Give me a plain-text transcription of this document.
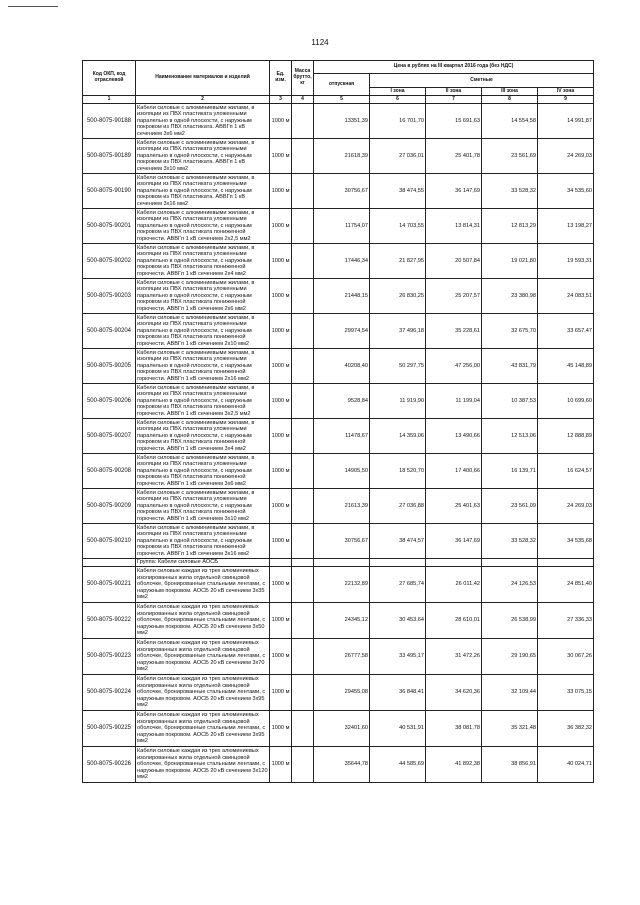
1124
Код ОКП, код отраслевой	Наименование материалов и изделий	Ед. изм.	Масса брутто, кг	Цена в рублях на III квартал 2016 года (без НДС)				
				отпускная	Сметные			
					I зона	II зона	III зона	IV зона
1	2	3	4	5	6	7	8	9
500-8075-90188	Кабели силовые с алюминиевыми жилами, в изоляции из ПВХ пластиката уложенными паралельно в одной плоскости, с наружным покровом из ПВХ пластиката. АВВГп 1 кВ сечением 3х6 мм2	1000 м		13351,39	16 701,70	15 691,63	14 554,58	14 991,87
500-8075-90189	Кабели силовые с алюминиевыми жилами, в изоляции из ПВХ пластиката уложенными паралельно в одной плоскости, с наружным покровом из ПВХ пластиката. АВВГп 1 кВ сечением 3х10 мм2	1000 м		21618,39	27 036,01	25 401,78	23 561,69	24 269,03
500-8075-90190	Кабели силовые с алюминиевыми жилами, в изоляции из ПВХ пластиката уложенными паралельно в одной плоскости, с наружным покровом из ПВХ пластиката. АВВГп 1 кВ сечением 3х16 мм2	1000 м		30756,67	38 474,55	36 147,69	33 528,32	34 535,60
500-8075-90201	Кабели силовые с алюминиевыми жилами, в изоляции из ПВХ пластиката уложенными паралельно в одной плоскости, с наружным покровом из ПВХ пластиката пониженной горючести. АВВГп 1 кВ сечением 2х2,5 мм2	1000 м		11754,07	14 703,55	13 814,31	12 813,29	13 198,27
500-8075-90202	Кабели силовые с алюминиевыми жилами, в изоляции из ПВХ пластиката уложенными паралельно в одной плоскости, с наружным покровом из ПВХ пластиката пониженной горючести. АВВГп 1 кВ сечением 2х4 мм2	1000 м		17446,34	21 827,95	20 507,84	19 021,80	19 593,31
500-8075-90203	Кабели силовые с алюминиевыми жилами, в изоляции из ПВХ пластиката уложенными паралельно в одной плоскости, с наружным покровом из ПВХ пластиката пониженной горючести. АВВГп 1 кВ сечением 2х6 мм2	1000 м		21448,15	26 830,25	25 207,57	23 380,98	24 083,51
500-8075-90204	Кабели силовые с алюминиевыми жилами, в изоляции из ПВХ пластиката уложенными паралельно в одной плоскости, с наружным покровом из ПВХ пластиката пониженной горючести. АВВГп 1 кВ сечением 2х10 мм2	1000 м		29974,54	37 496,18	35 228,61	32 675,70	33 657,47
500-8075-90205	Кабели силовые с алюминиевыми жилами, в изоляции из ПВХ пластиката уложенными паралельно в одной плоскости, с наружным покровом из ПВХ пластиката пониженной горючести. АВВГп 1 кВ сечением 2х16 мм2	1000 м		40208,40	50 297,75	47 256,00	43 831,79	45 148,89
500-8075-90206	Кабели силовые с алюминиевыми жилами, в изоляции из ПВХ пластиката уложенными паралельно в одной плоскости, с наружным покровом из ПВХ пластиката пониженной горючести. АВВГп 1 кВ сечением 3х2,5 мм2	1000 м		9528,84	11 919,90	11 199,04	10 387,53	10 699,60
500-8075-90207	Кабели силовые с алюминиевыми жилами, в изоляции из ПВХ пластиката уложенными паралельно в одной плоскости, с наружным покровом из ПВХ пластиката пониженной горючести. АВВГп 1 кВ сечением 3х4 мм2	1000 м		11478,67	14 359,06	13 490,66	12 513,06	12 888,89
500-8075-90208	Кабели силовые с алюминиевыми жилами, в изоляции из ПВХ пластиката уложенными паралельно в одной плоскости, с наружным покровом из ПВХ пластиката пониженной горючести. АВВГп 1 кВ сечением 3х6 мм2	1000 м		14905,50	18 520,70	17 400,66	16 139,71	16 624,57
500-8075-90209	Кабели силовые с алюминиевыми жилами, в изоляции из ПВХ пластиката уложенными паралельно в одной плоскости, с наружным покровом из ПВХ пластиката пониженной горючести. АВВГп 1 кВ сечением 3х10 мм2	1000 м		21613,39	27 036,88	25 401,63	23 561,09	24 269,03
500-8075-90210	Кабели силовые с алюминиевыми жилами, в изоляции из ПВХ пластиката уложенными паралельно в одной плоскости, с наружным покровом из ПВХ пластиката пониженной горючести. АВВГп 1 кВ сечением 3х16 мм2	1000 м		30756,67	38 474,57	36 147,69	33 528,32	34 535,68
	Группа: Кабели силовые АОСБ							
500-8075-90221	Кабели силовые каждая из трех алюминиевых изолированных жила отдельной свинцовой оболочке, бронированные стальными лентами, с наружным покровом. АОСБ 20 кВ сечением 3х35 мм2	1000 м		22132,89	27 685,74	26 011,42	24 126,53	24 851,40
500-8075-90222	Кабели силовые каждая из трех алюминиевых изолированных жила отдельной свинцовой оболочке, бронированные стальными лентами, с наружным покровом. АОСБ 20 кВ сечением 3х50 мм2	1000 м		24345,12	30 453,64	28 610,01	26 538,99	27 336,33
500-8075-90223	Кабели силовые каждая из трех алюминиевых изолированных жила отдельной свинцовой оболочке, бронированные стальными лентами, с наружным покровом. АОСБ 20 кВ сечением 3х70 мм2	1000 м		26777,58	33 495,17	31 472,26	29 190,65	30 067,26
500-8075-90224	Кабели силовые каждая из трех алюминиевых изолированных жила отдельной свинцовой оболочке, бронированные стальными лентами, с наружным покровом. АОСБ 20 кВ сечением 3х95 мм2	1000 м		29455,08	36 848,41	34 620,36	32 109,44	33 075,15
500-8075-90225	Кабели силовые каждая из трех алюминиевых изолированных жила отдельной свинцовой оболочке, бронированные стальными лентами, с наружным покровом. АОСБ 20 кВ сечением 3х95 мм2	1000 м		32401,60	40 531,91	38 081,78	35 321,48	36 382,32
500-8075-90226	Кабели силовые каждая из трех алюминиевых изолированных жила отдельной свинцовой оболочке, бронированные стальными лентами, с наружным покровом. АОСБ 20 кВ сечением 3х120 мм2	1000 м		35644,78	44 585,69	41 892,38	38 856,91	40 024,71
